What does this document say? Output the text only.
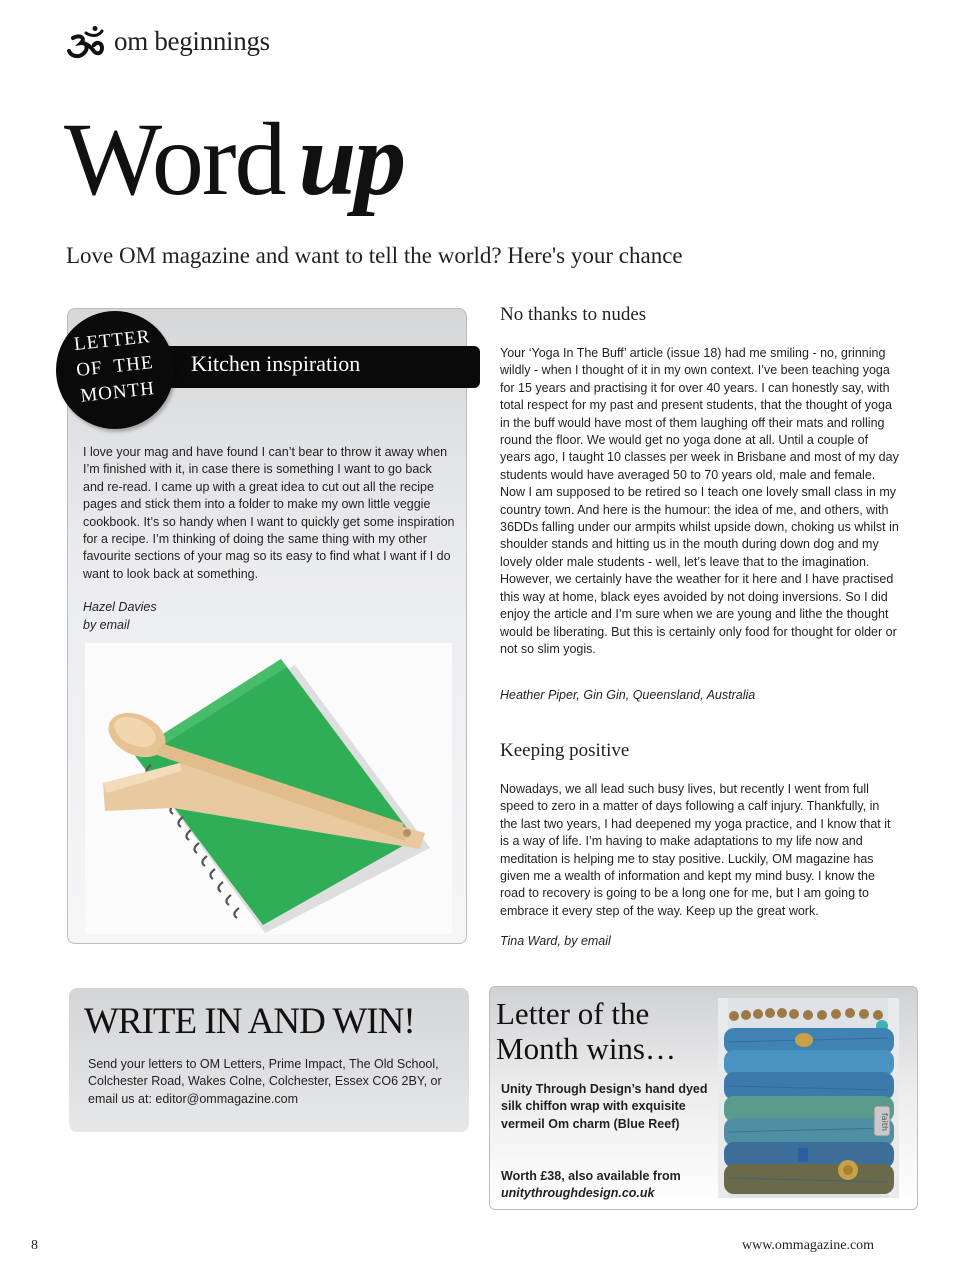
om beginnings
Word up
Love OM magazine and want to tell the world? Here's your chance
Kitchen inspiration
LETTER
OF  THE
MONTH
I love your mag and have found I can’t bear to throw it away when I’m finished with it, in case there is something I want to go back and re-read. I came up with a great idea to cut out all the recipe pages and stick them into a folder to make my own little veggie cookbook. It’s so handy when I want to quickly get some inspiration for a recipe. I’m thinking of doing the same thing with my other favourite sections of your mag so its easy to find what I want if I do want to look back at something.
Hazel Davies
by email
No thanks to nudes
Your ‘Yoga In The Buff’ article (issue 18) had me smiling - no, grinning wildly - when I thought of it in my own context. I’ve been teaching yoga for 15 years and practising it for over 40 years. I can honestly say, with total respect for my past and present students, that the thought of yoga in the buff would have most of them laughing off their mats and rolling round the floor. We would get no yoga done at all. Until a couple of years ago, I taught 10 classes per week in Brisbane and most of my day students would have averaged 50 to 70 years old, male and female. Now I am supposed to be retired so I teach one lovely small class in my country town. And here is the humour: the idea of me, and others, with 36DDs falling under our armpits whilst upside down, choking us whilst in shoulder stands and hitting us in the mouth during down dog and my lovely older male students - well, let’s leave that to the imagination. However, we certainly have the weather for it here and I have practised this way at home, black eyes avoided by not doing inversions. So I did enjoy the article and I’m sure when we are young and lithe the thought would be liberating. But this is certainly only food for thought for older or not so slim yogis.
Heather Piper, Gin Gin, Queensland, Australia
Keeping positive
Nowadays, we all lead such busy lives, but recently I went from full speed to zero in a matter of days following a calf injury. Thankfully, in the last two years, I had deepened my yoga practice, and I know that it is a way of life. I’m having to make adaptations to my life now and meditation is helping me to stay positive. Luckily, OM magazine has given me a wealth of information and kept my mind busy. I know the road to recovery is going to be a long one for me, but I am going to embrace it every step of the way. Keep up the great work.
Tina Ward, by email
WRITE IN AND WIN!
Send your letters to OM Letters, Prime Impact, The Old School, Colchester Road, Wakes Colne, Colchester, Essex CO6 2BY, or email us at: editor@ommagazine.com
Letter of the Month wins…
Unity Through Design’s hand dyed silk chiffon wrap with exquisite vermeil Om charm (Blue Reef)
Worth £38, also available from
unitythroughdesign.co.uk
faith
8	www.ommagazine.com
